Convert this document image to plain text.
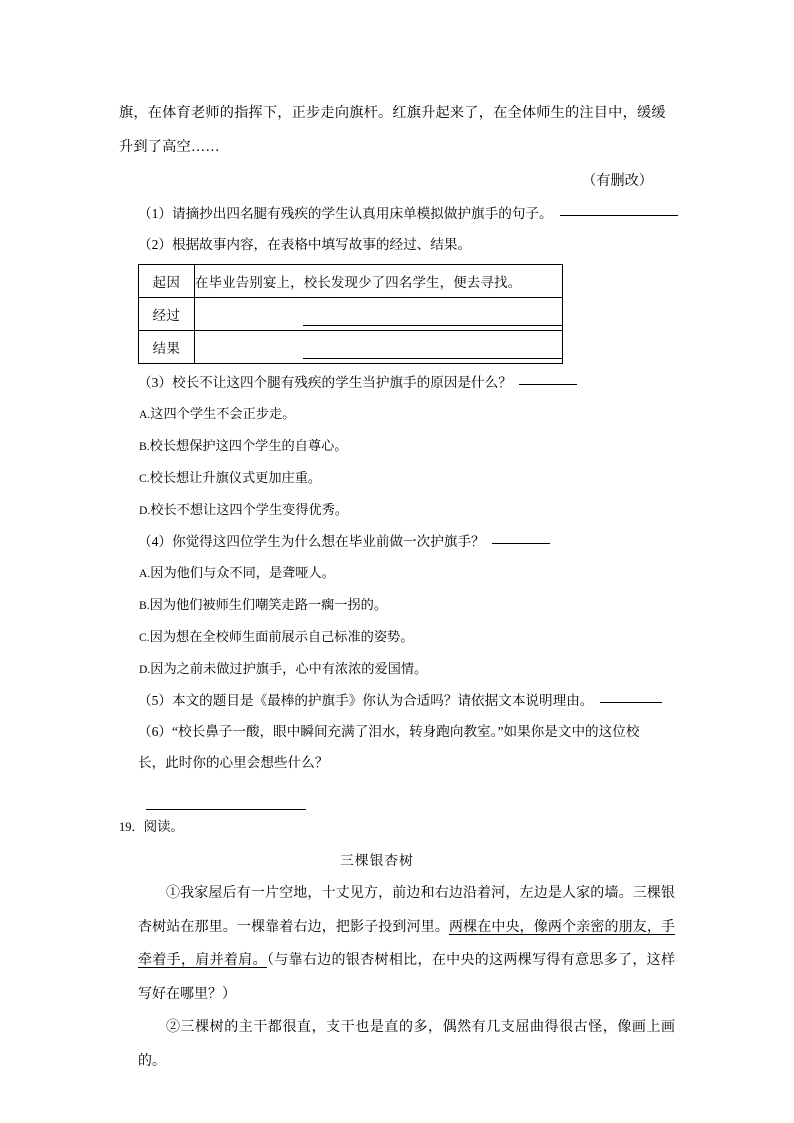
旗，在体育老师的指挥下，正步走向旗杆。红旗升起来了，在全体师生的注目中，缓缓

升到了高空……

（有删改）

（1）请摘抄出四名腿有残疾的学生认真用床单模拟做护旗手的句子。

（2）根据故事内容，在表格中填写故事的经过、结果。

起因	在毕业告别宴上，校长发现少了四名学生，便去寻找。
经过	

结果	

（3）校长不让这四个腿有残疾的学生当护旗手的原因是什么？

A.这四个学生不会正步走。

B.校长想保护这四个学生的自尊心。

C.校长想让升旗仪式更加庄重。

D.校长不想让这四个学生变得优秀。

（4）你觉得这四位学生为什么想在毕业前做一次护旗手？

A.因为他们与众不同，是聋哑人。

B.因为他们被师生们嘲笑走路一瘸一拐的。

C.因为想在全校师生面前展示自己标准的姿势。

D.因为之前未做过护旗手，心中有浓浓的爱国情。

（5）本文的题目是《最棒的护旗手》你认为合适吗？请依据文本说明理由。

（6）“校长鼻子一酸，眼中瞬间充满了泪水，转身跑向教室。”如果你是文中的这位校

长，此时你的心里会想些什么？

19．阅读。

三棵银杏树

①我家屋后有一片空地，十丈见方，前边和右边沿着河，左边是人家的墙。三棵银杏树站在那里。一棵靠着右边，把影子投到河里。两棵在中央，像两个亲密的朋友，手牵着手，肩并着肩。（与靠右边的银杏树相比，在中央的这两棵写得有意思多了，这样写好在哪里？）

②三棵树的主干都很直，支干也是直的多，偶然有几支屈曲得很古怪，像画上画的。
